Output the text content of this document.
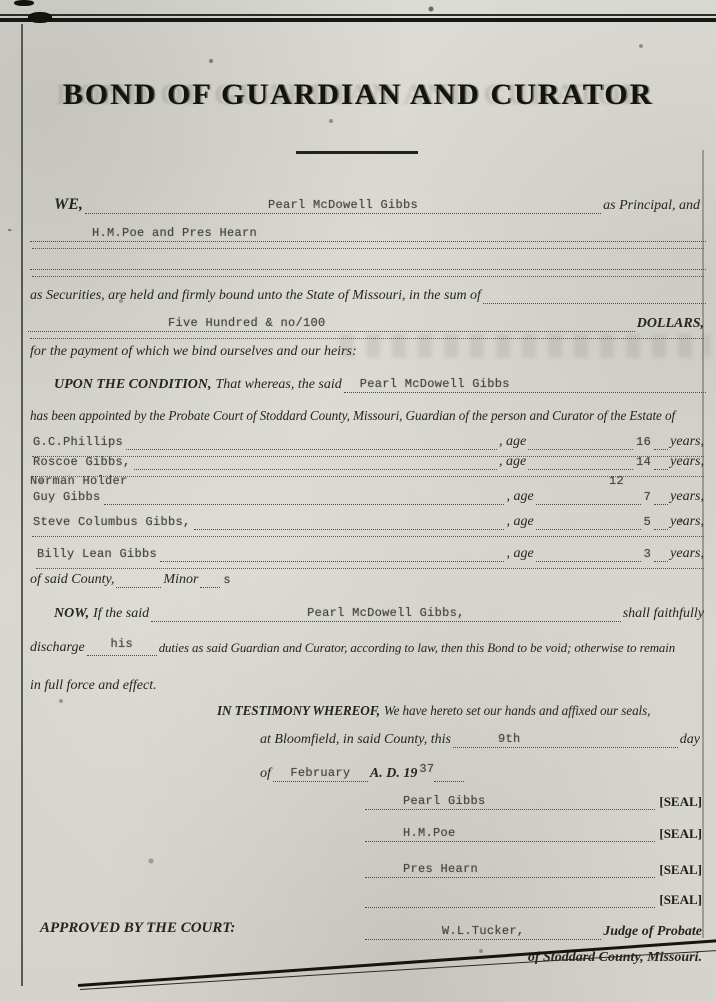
BOND OF GUARDIAN AND CURATOR
WE,	Pearl McDowell Gibbs	as Principal, and
-	H.M.Poe and Pres Hearn
as Securities, are held and firmly bound unto the State of Missouri, in the sum of
Five Hundred & no/100	DOLLARS,
for the payment of which we bind ourselves and our heirs:
UPON THE CONDITION, That whereas, the said Pearl McDowell Gibbs
has been appointed by the Probate Court of Stoddard County, Missouri, Guardian of the person and Curator of the Estate of
G.C.Phillips	, age	16 years,
Roscoe Gibbs,	, age	14 years,
Norman Holder	12
Guy Gibbs	, age	7 years,
Steve Columbus Gibbs,	, age	5 years,
Billy Lean Gibbs	, age	3 years,
of said County,	Minor s
NOW, If the said	Pearl McDowell Gibbs,	shall faithfully
discharge his duties as said Guardian and Curator, according to law, then this Bond to be void; otherwise to remain
in full force and effect.
IN TESTIMONY WHEREOF, We have hereto set our hands and affixed our seals,
at Bloomfield, in said County, this	9th	day
of February A. D. 19 37
Pearl Gibbs	[SEAL]
H.M.Poe	[SEAL]
Pres Hearn	[SEAL]
[SEAL]
APPROVED BY THE COURT:	W.L.Tucker,	Judge of Probate
of Stoddard County, Missouri.
